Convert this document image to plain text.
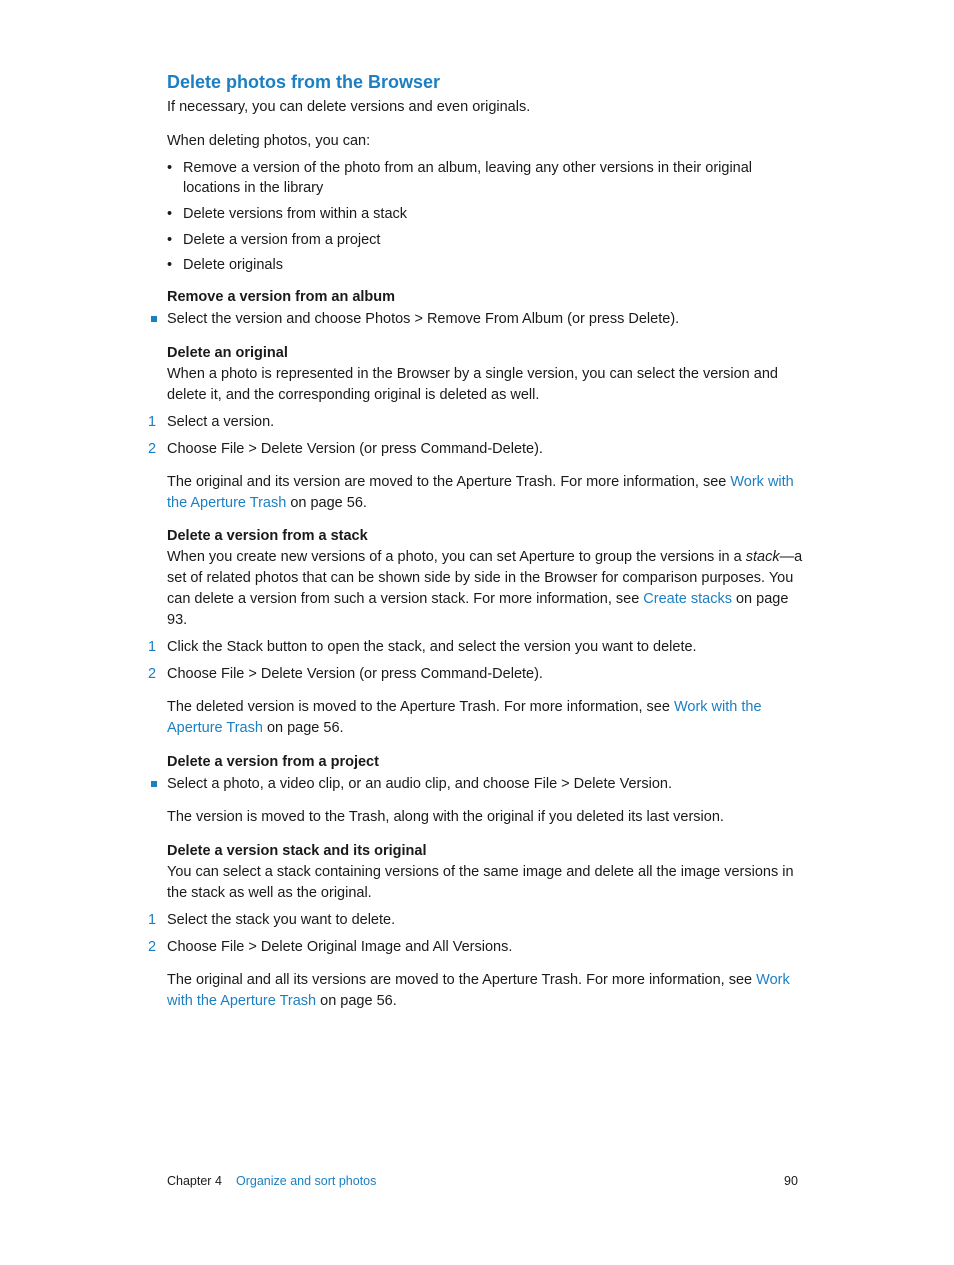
Delete photos from the Browser

If necessary, you can delete versions and even originals.

When deleting photos, you can:

• Remove a version of the photo from an album, leaving any other versions in their original locations in the library
• Delete versions from within a stack
• Delete a version from a project
• Delete originals
Remove a version from an album
Select the version and choose Photos > Remove From Album (or press Delete).
Delete an original

When a photo is represented in the Browser by a single version, you can select the version and delete it, and the corresponding original is deleted as well.

1 Select a version.
2 Choose File > Delete Version (or press Command-Delete).

The original and its version are moved to the Aperture Trash. For more information, see Work with the Aperture Trash on page 56.

Delete a version from a stack

When you create new versions of a photo, you can set Aperture to group the versions in a stack—a set of related photos that can be shown side by side in the Browser for comparison purposes. You can delete a version from such a version stack. For more information, see Create stacks on page 93.

1 Click the Stack button to open the stack, and select the version you want to delete.
2 Choose File > Delete Version (or press Command-Delete).

The deleted version is moved to the Aperture Trash. For more information, see Work with the Aperture Trash on page 56.

Delete a version from a project
Select a photo, a video clip, or an audio clip, and choose File > Delete Version.

The version is moved to the Trash, along with the original if you deleted its last version.

Delete a version stack and its original

You can select a stack containing versions of the same image and delete all the image versions in the stack as well as the original.

1 Select the stack you want to delete.
2 Choose File > Delete Original Image and All Versions.

The original and all its versions are moved to the Aperture Trash. For more information, see Work with the Aperture Trash on page 56.

Chapter 4 Organize and sort photos	90
